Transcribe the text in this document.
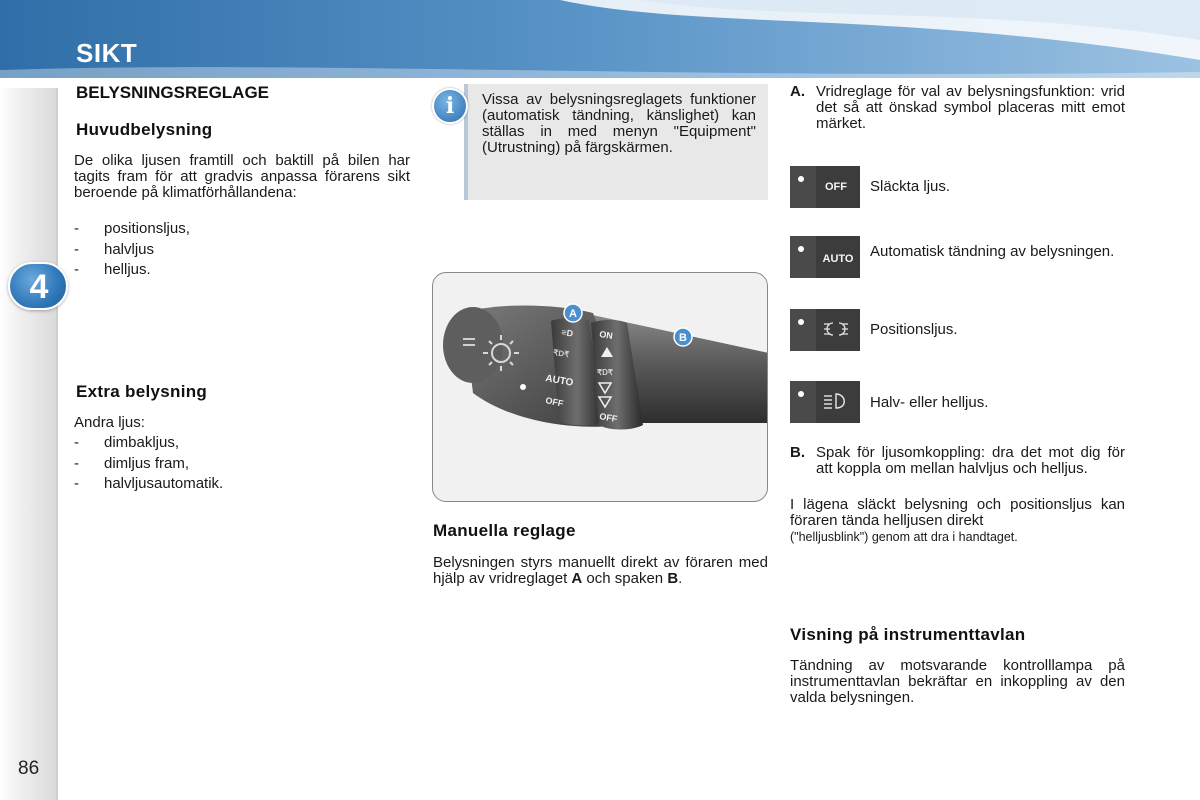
SIKT
4
86
BELYSNINGSREGLAGE
Huvudbelysning
De olika ljusen framtill och baktill på bilen har tagits fram för att gradvis anpassa förarens sikt beroende på klimatförhållandena:
- positionsljus,
- halvljus
- helljus.
Extra belysning
Andra ljus:
- dimbakljus,
- dimljus fram,
- halvljusautomatik.
i	Vissa av belysningsreglagets funktioner (automatisk tändning, känslighet) kan ställas in med menyn "Equipment" (Utrustning) på färgskärmen.
≡D
₹D₹
AUTO
OFF
ON
₹D₹
OFF
A
B
Manuella reglage
Belysningen styrs manuellt direkt av föraren med hjälp av vridreglaget A och spaken B.
A. Vridreglage för val av belysningsfunktion: vrid det så att önskad symbol placeras mitt emot märket.
OFF Släckta ljus.
AUTO Automatisk tändning av belysningen.
Positionsljus.
Halv- eller helljus.
B. Spak för ljusomkoppling: dra det mot dig för att koppla om mellan halvljus och helljus.
I lägena släckt belysning och positionsljus kan föraren tända helljusen direkt
("helljusblink") genom att dra i handtaget.
Visning på instrumenttavlan
Tändning av motsvarande kontrolllampa på instrumenttavlan bekräftar en inkoppling av den valda belysningen.
